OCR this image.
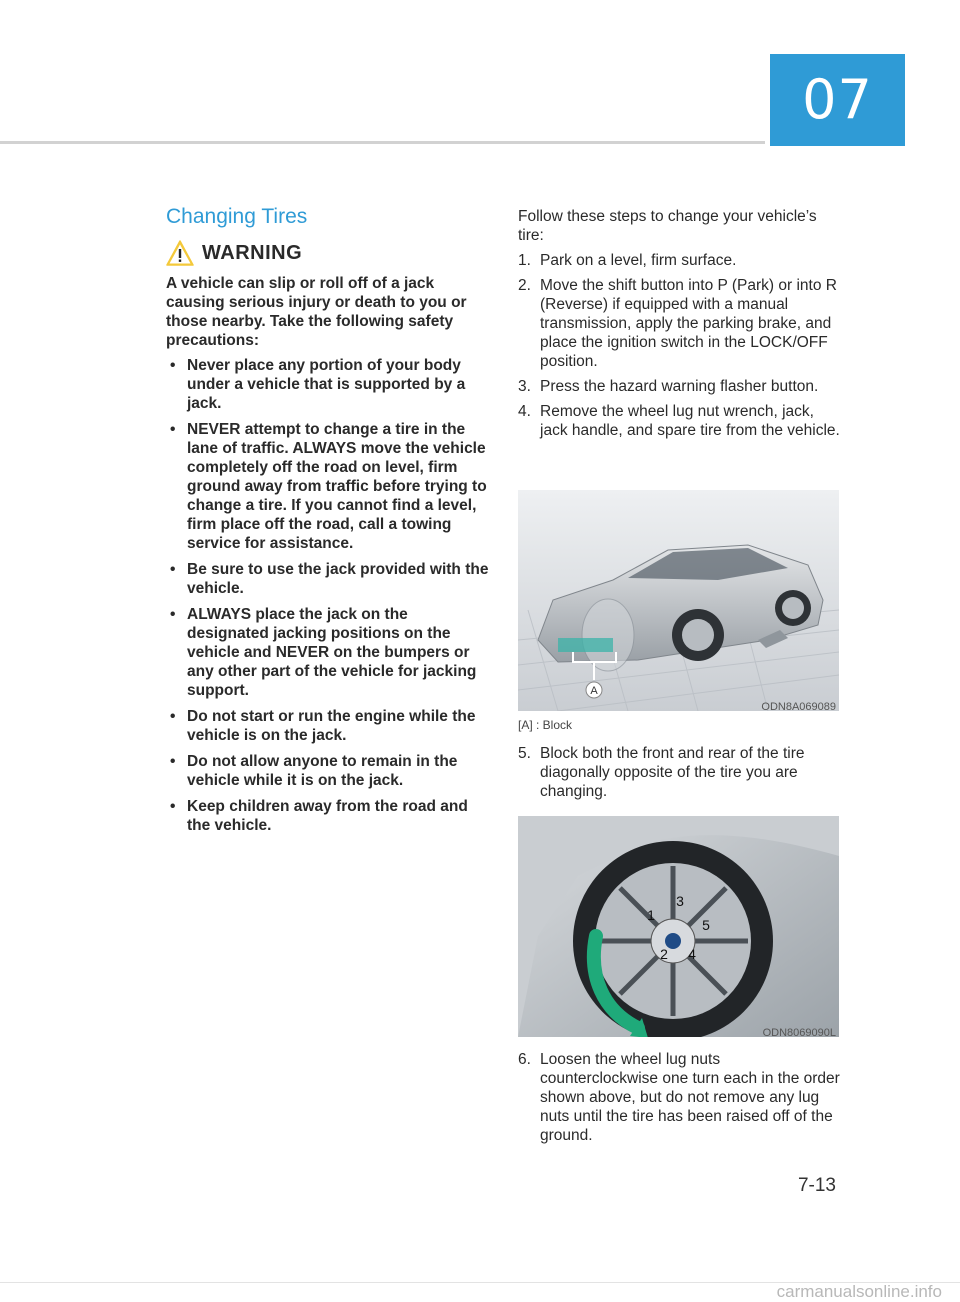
07
Changing Tires
WARNING

A vehicle can slip or roll off of a jack causing serious injury or death to you or those nearby. Take the following safety precautions:

• Never place any portion of your body under a vehicle that is supported by a jack.
• NEVER attempt to change a tire in the lane of traffic. ALWAYS move the vehicle completely off the road on level, firm ground away from traffic before trying to change a tire. If you cannot find a level, firm place off the road, call a towing service for assistance.
• Be sure to use the jack provided with the vehicle.
• ALWAYS place the jack on the designated jacking positions on the vehicle and NEVER on the bumpers or any other part of the vehicle for jacking support.
• Do not start or run the engine while the vehicle is on the jack.
• Do not allow anyone to remain in the vehicle while it is on the jack.
• Keep children away from the road and the vehicle.

Follow these steps to change your vehicle’s tire:

1. Park on a level, firm surface.
2. Move the shift button into P (Park) or into R (Reverse) if equipped with a manual transmission, apply the parking brake, and place the ignition switch in the LOCK/OFF position.
3. Press the hazard warning flasher button.
4. Remove the wheel lug nut wrench, jack, jack handle, and spare tire from the vehicle.
A
ODN8A069089
[A] : Block
5. Block both the front and rear of the tire diagonally opposite of the tire you are changing.
1
2
3
4
5
ODN8069090L
6. Loosen the wheel lug nuts counterclockwise one turn each in the order shown above, but do not remove any lug nuts until the tire has been raised off of the ground.
7-13
carmanualsonline.info
